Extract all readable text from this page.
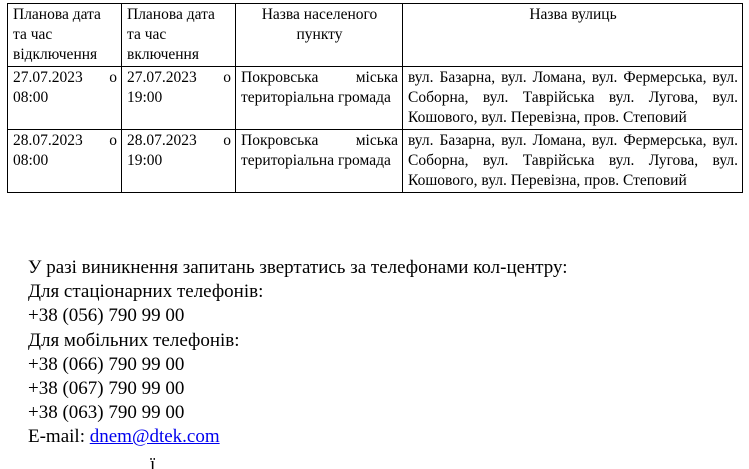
Планова дата та час відключення	Планова дата та час включення	Назва населеного пункту	Назва вулиць
27.07.2023 о 08:00	27.07.2023 о 19:00	Покровська міська територіальна громада	вул. Базарна, вул. Ломана, вул. Фермерська, вул. Соборна, вул. Таврійська вул. Лугова, вул. Кошового, вул. Перевізна, пров. Степовий
28.07.2023 о 08:00	28.07.2023 о 19:00	Покровська міська територіальна громада	вул. Базарна, вул. Ломана, вул. Фермерська, вул. Соборна, вул. Таврійська вул. Лугова, вул. Кошового, вул. Перевізна, пров. Степовий
У разі виникнення запитань звертатись за телефонами кол-центру:
Для стаціонарних телефонів:
+38 (056) 790 99 00
Для мобільних телефонів:
+38 (066) 790 99 00
+38 (067) 790 99 00
+38 (063) 790 99 00
E-mail: dnem@dtek.com
ї
